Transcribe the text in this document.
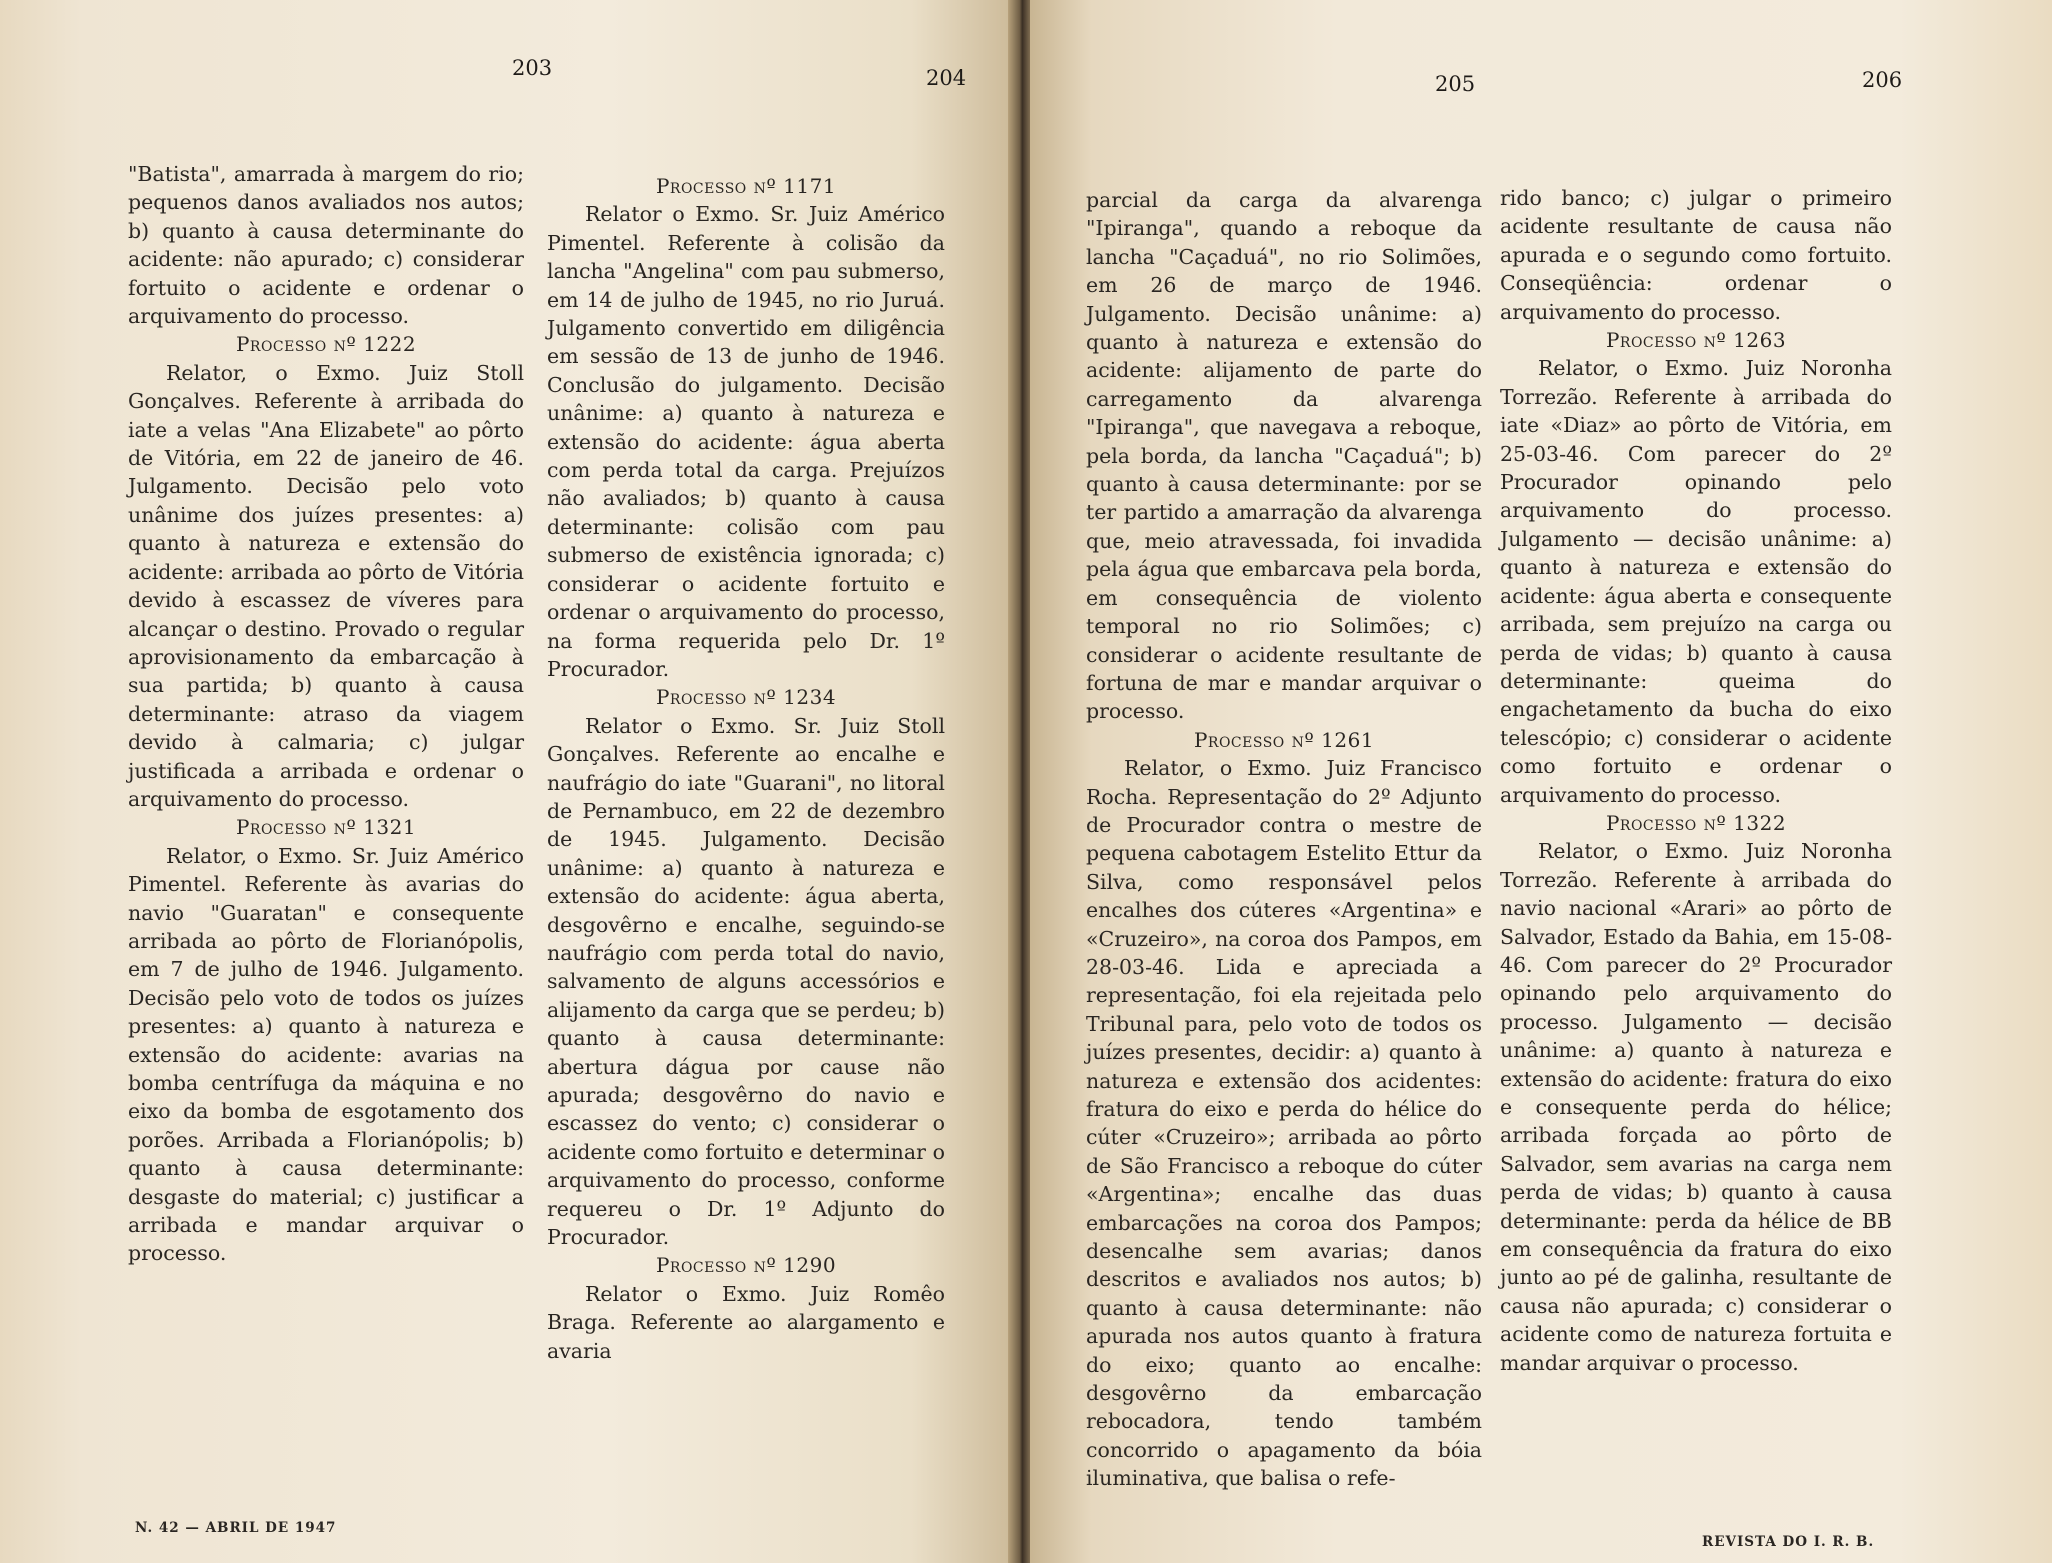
203	204

"Batista", amarrada à margem do rio; pequenos danos avaliados nos autos; b) quanto à causa determinante do acidente: não apurado; c) considerar fortuito o acidente e ordenar o arquivamento do processo.

Processo nº 1222

Relator, o Exmo. Juiz Stoll Gonçalves. Referente à arribada do iate a velas "Ana Elizabete" ao pôrto de Vitória, em 22 de janeiro de 46. Julgamento. Decisão pelo voto unânime dos juízes presentes: a) quanto à natureza e extensão do acidente: arribada ao pôrto de Vitória devido à escassez de víveres para alcançar o destino. Provado o regular aprovisionamento da embarcação à sua partida; b) quanto à causa determinante: atraso da viagem devido à calmaria; c) julgar justificada a arribada e ordenar o arquivamento do processo.

Processo nº 1321

Relator, o Exmo. Sr. Juiz Américo Pimentel. Referente às avarias do navio "Guaratan" e consequente arribada ao pôrto de Florianópolis, em 7 de julho de 1946. Julgamento. Decisão pelo voto de todos os juízes presentes: a) quanto à natureza e extensão do acidente: avarias na bomba centrífuga da máquina e no eixo da bomba de esgotamento dos porões. Arribada a Florianópolis; b) quanto à causa determinante: desgaste do material; c) justificar a arribada e mandar arquivar o processo.

Processo nº 1171

Relator o Exmo. Sr. Juiz Américo Pimentel. Referente à colisão da lancha "Angelina" com pau submerso, em 14 de julho de 1945, no rio Juruá. Julgamento convertido em diligência em sessão de 13 de junho de 1946. Conclusão do julgamento. Decisão unânime: a) quanto à natureza e extensão do acidente: água aberta com perda total da carga. Prejuízos não avaliados; b) quanto à causa determinante: colisão com pau submerso de existência ignorada; c) considerar o acidente fortuito e ordenar o arquivamento do processo, na forma requerida pelo Dr. 1º Procurador.

Processo nº 1234

Relator o Exmo. Sr. Juiz Stoll Gonçalves. Referente ao encalhe e naufrágio do iate "Guarani", no litoral de Pernambuco, em 22 de dezembro de 1945. Julgamento. Decisão unânime: a) quanto à natureza e extensão do acidente: água aberta, desgovêrno e encalhe, seguindo-se naufrágio com perda total do navio, salvamento de alguns accessórios e alijamento da carga que se perdeu; b) quanto à causa determinante: abertura dágua por cause não apurada; desgovêrno do navio e escassez do vento; c) considerar o acidente como fortuito e determinar o arquivamento do processo, conforme requereu o Dr. 1º Adjunto do Procurador.

Processo nº 1290

Relator o Exmo. Juiz Romêo Braga. Referente ao alargamento e avaria

N. 42 — ABRIL DE 1947
205	206

parcial da carga da alvarenga "Ipiranga", quando a reboque da lancha "Caçaduá", no rio Solimões, em 26 de março de 1946. Julgamento. Decisão unânime: a) quanto à natureza e extensão do acidente: alijamento de parte do carregamento da alvarenga "Ipiranga", que navegava a reboque, pela borda, da lancha "Caçaduá"; b) quanto à causa determinante: por se ter partido a amarração da alvarenga que, meio atravessada, foi invadida pela água que embarcava pela borda, em consequência de violento temporal no rio Solimões; c) considerar o acidente resultante de fortuna de mar e mandar arquivar o processo.

Processo nº 1261

Relator, o Exmo. Juiz Francisco Rocha. Representação do 2º Adjunto de Procurador contra o mestre de pequena cabotagem Estelito Ettur da Silva, como responsável pelos encalhes dos cúteres «Argentina» e «Cruzeiro», na coroa dos Pampos, em 28-03-46. Lida e apreciada a representação, foi ela rejeitada pelo Tribunal para, pelo voto de todos os juízes presentes, decidir: a) quanto à natureza e extensão dos acidentes: fratura do eixo e perda do hélice do cúter «Cruzeiro»; arribada ao pôrto de São Francisco a reboque do cúter «Argentina»; encalhe das duas embarcações na coroa dos Pampos; desencalhe sem avarias; danos descritos e avaliados nos autos; b) quanto à causa determinante: não apurada nos autos quanto à fratura do eixo; quanto ao encalhe: desgovêrno da embarcação rebocadora, tendo também concorrido o apagamento da bóia iluminativa, que balisa o refe-

rido banco; c) julgar o primeiro acidente resultante de causa não apurada e o segundo como fortuito. Conseqüência: ordenar o arquivamento do processo.

Processo nº 1263

Relator, o Exmo. Juiz Noronha Torrezão. Referente à arribada do iate «Diaz» ao pôrto de Vitória, em 25-03-46. Com parecer do 2º Procurador opinando pelo arquivamento do processo. Julgamento — decisão unânime: a) quanto à natureza e extensão do acidente: água aberta e consequente arribada, sem prejuízo na carga ou perda de vidas; b) quanto à causa determinante: queima do engachetamento da bucha do eixo telescópio; c) considerar o acidente como fortuito e ordenar o arquivamento do processo.

Processo nº 1322

Relator, o Exmo. Juiz Noronha Torrezão. Referente à arribada do navio nacional «Arari» ao pôrto de Salvador, Estado da Bahia, em 15-08-46. Com parecer do 2º Procurador opinando pelo arquivamento do processo. Julgamento — decisão unânime: a) quanto à natureza e extensão do acidente: fratura do eixo e consequente perda do hélice; arribada forçada ao pôrto de Salvador, sem avarias na carga nem perda de vidas; b) quanto à causa determinante: perda da hélice de BB em consequência da fratura do eixo junto ao pé de galinha, resultante de causa não apurada; c) considerar o acidente como de natureza fortuita e mandar arquivar o processo.

REVISTA DO I. R. B.
